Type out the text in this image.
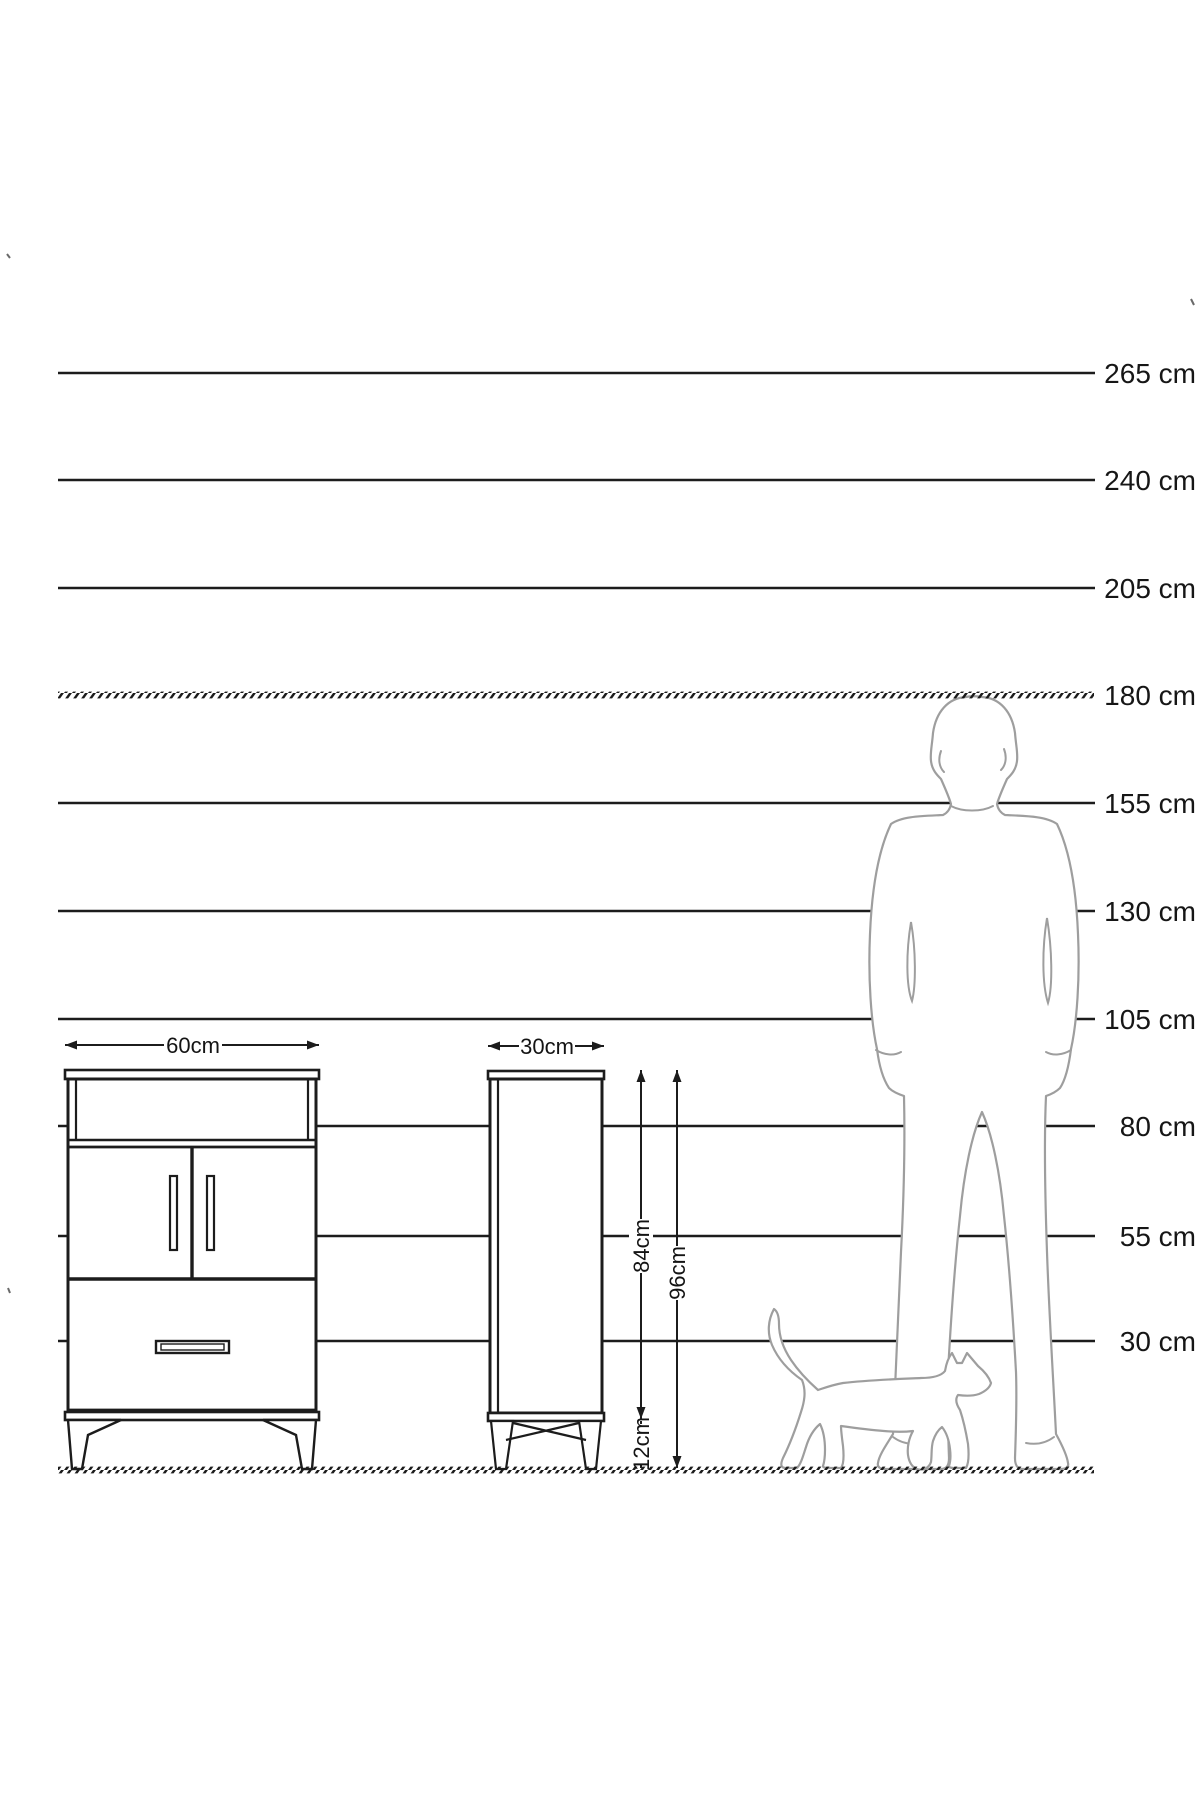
60cm	30cm
84cm
12cm
96cm
265 cm
240 cm
205 cm
180 cm
155 cm
130 cm
105 cm
80 cm
55 cm
30 cm
